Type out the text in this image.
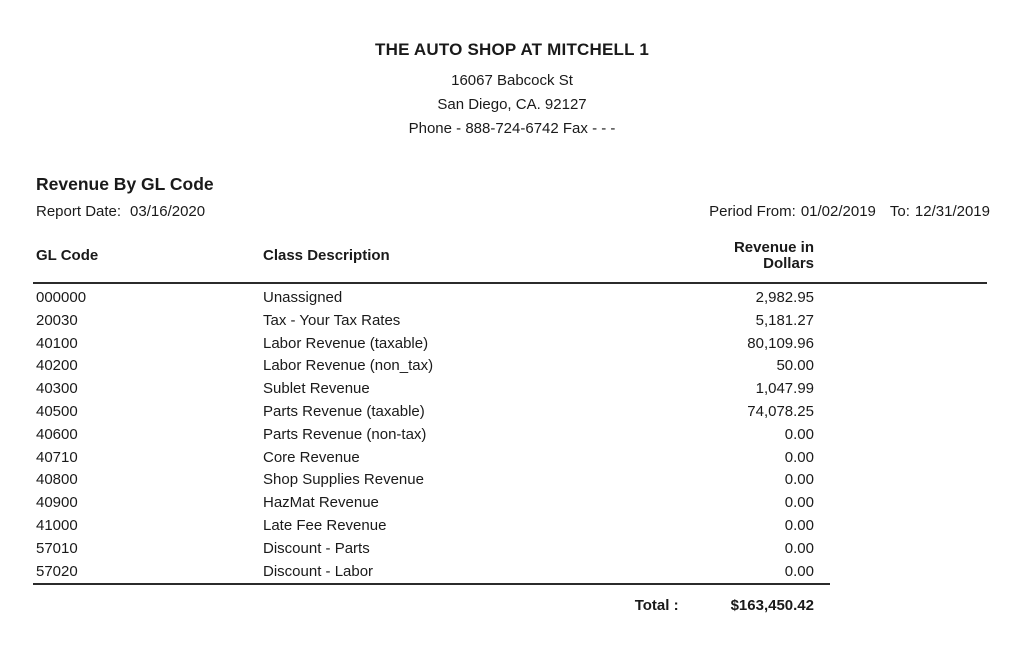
THE AUTO SHOP AT MITCHELL 1
16067 Babcock St
San Diego, CA. 92127
Phone - 888-724-6742 Fax - - -
Revenue By GL Code
Report Date: 03/16/2020	Period From: 01/02/2019 To: 12/31/2019
GL Code	Class Description	Revenue in Dollars	
000000	Unassigned	2,982.95	
20030	Tax - Your Tax Rates	5,181.27	
40100	Labor Revenue (taxable)	80,109.96	
40200	Labor Revenue (non_tax)	50.00	
40300	Sublet Revenue	1,047.99	
40500	Parts Revenue (taxable)	74,078.25	
40600	Parts Revenue (non-tax)	0.00	
40710	Core Revenue	0.00	
40800	Shop Supplies Revenue	0.00	
40900	HazMat Revenue	0.00	
41000	Late Fee Revenue	0.00	
57010	Discount - Parts	0.00	
57020	Discount - Labor	0.00	
Total :	$163,450.42
